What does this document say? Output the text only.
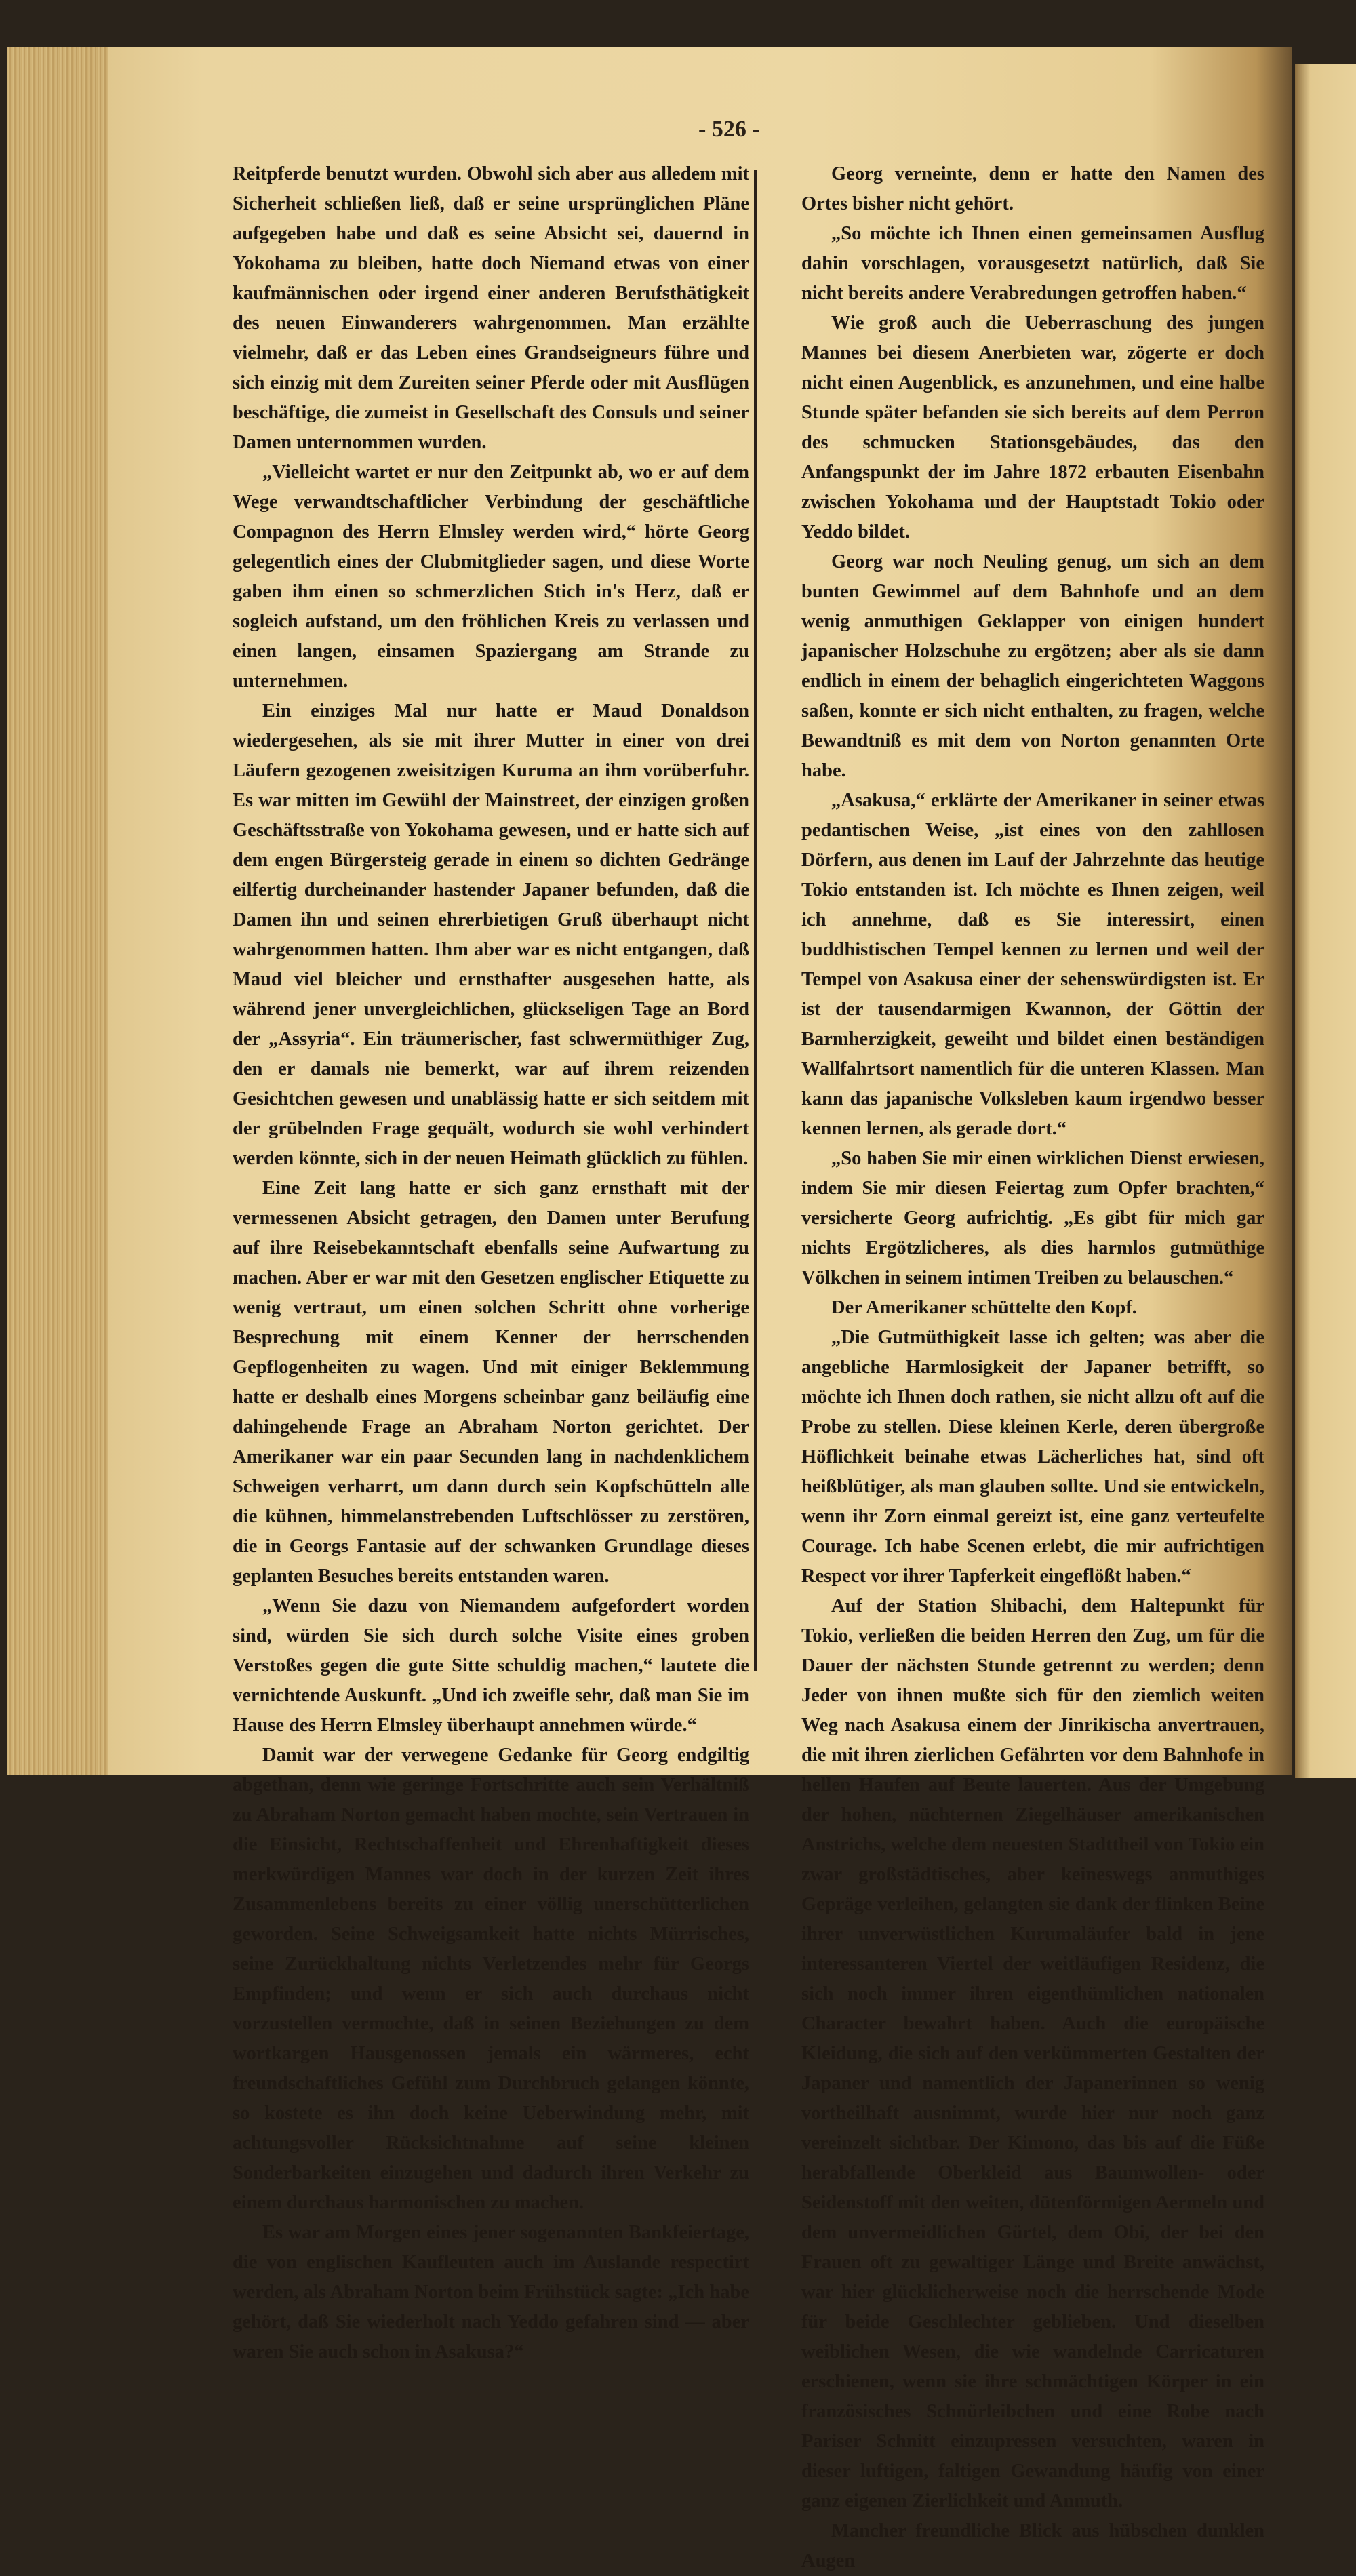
- 526 -

Reitpferde benutzt wurden. Obwohl sich aber aus alledem mit Sicherheit schließen ließ, daß er seine ursprünglichen Pläne aufgegeben habe und daß es seine Absicht sei, dauernd in Yokohama zu bleiben, hatte doch Niemand etwas von einer kaufmännischen oder irgend einer anderen Berufsthätigkeit des neuen Einwanderers wahrgenommen. Man erzählte vielmehr, daß er das Leben eines Grandseigneurs führe und sich einzig mit dem Zureiten seiner Pferde oder mit Ausflügen beschäftige, die zumeist in Gesellschaft des Consuls und seiner Damen unternommen wurden.

„Vielleicht wartet er nur den Zeitpunkt ab, wo er auf dem Wege verwandtschaftlicher Verbindung der geschäftliche Compagnon des Herrn Elmsley werden wird,“ hörte Georg gelegentlich eines der Clubmitglieder sagen, und diese Worte gaben ihm einen so schmerzlichen Stich in's Herz, daß er sogleich aufstand, um den fröhlichen Kreis zu verlassen und einen langen, einsamen Spaziergang am Strande zu unternehmen.

Ein einziges Mal nur hatte er Maud Donaldson wiedergesehen, als sie mit ihrer Mutter in einer von drei Läufern gezogenen zweisitzigen Kuruma an ihm vorüberfuhr. Es war mitten im Gewühl der Mainstreet, der einzigen großen Geschäftsstraße von Yokohama gewesen, und er hatte sich auf dem engen Bürgersteig gerade in einem so dichten Gedränge eilfertig durcheinander hastender Japaner befunden, daß die Damen ihn und seinen ehrerbietigen Gruß überhaupt nicht wahrgenommen hatten. Ihm aber war es nicht entgangen, daß Maud viel bleicher und ernsthafter ausgesehen hatte, als während jener unvergleichlichen, glückseligen Tage an Bord der „Assyria“. Ein träumerischer, fast schwermüthiger Zug, den er damals nie bemerkt, war auf ihrem reizenden Gesichtchen gewesen und unablässig hatte er sich seitdem mit der grübelnden Frage gequält, wodurch sie wohl verhindert werden könnte, sich in der neuen Heimath glücklich zu fühlen.

Eine Zeit lang hatte er sich ganz ernsthaft mit der vermessenen Absicht getragen, den Damen unter Berufung auf ihre Reisebekanntschaft ebenfalls seine Aufwartung zu machen. Aber er war mit den Gesetzen englischer Etiquette zu wenig vertraut, um einen solchen Schritt ohne vorherige Besprechung mit einem Kenner der herrschenden Gepflogenheiten zu wagen. Und mit einiger Beklemmung hatte er deshalb eines Morgens scheinbar ganz beiläufig eine dahingehende Frage an Abraham Norton gerichtet. Der Amerikaner war ein paar Secunden lang in nachdenklichem Schweigen verharrt, um dann durch sein Kopfschütteln alle die kühnen, himmelanstrebenden Luftschlösser zu zerstören, die in Georgs Fantasie auf der schwanken Grundlage dieses geplanten Besuches bereits entstanden waren.

„Wenn Sie dazu von Niemandem aufgefordert worden sind, würden Sie sich durch solche Visite eines groben Verstoßes gegen die gute Sitte schuldig machen,“ lautete die vernichtende Auskunft. „Und ich zweifle sehr, daß man Sie im Hause des Herrn Elmsley überhaupt annehmen würde.“

Damit war der verwegene Gedanke für Georg endgiltig abgethan, denn wie geringe Fortschritte auch sein Verhältniß zu Abraham Norton gemacht haben mochte, sein Vertrauen in die Einsicht, Rechtschaffenheit und Ehrenhaftigkeit dieses merkwürdigen Mannes war doch in der kurzen Zeit ihres Zusammenlebens bereits zu einer völlig unerschütterlichen geworden. Seine Schweigsamkeit hatte nichts Mürrisches, seine Zurückhaltung nichts Verletzendes mehr für Georgs Empfinden; und wenn er sich auch durchaus nicht vorzustellen vermochte, daß in seinen Beziehungen zu dem wortkargen Hausgenossen jemals ein wärmeres, echt freundschaftliches Gefühl zum Durchbruch gelangen könnte, so kostete es ihn doch keine Ueberwindung mehr, mit achtungsvoller Rücksichtnahme auf seine kleinen Sonderbarkeiten einzugehen und dadurch ihren Verkehr zu einem durchaus harmonischen zu machen.

Es war am Morgen eines jener sogenannten Bankfeiertage, die von englischen Kaufleuten auch im Auslande respectirt werden, als Abraham Norton beim Frühstück sagte: „Ich habe gehört, daß Sie wiederholt nach Yeddo gefahren sind — aber waren Sie auch schon in Asakusa?“

Georg verneinte, denn er hatte den Namen des Ortes bisher nicht gehört.

„So möchte ich Ihnen einen gemeinsamen Ausflug dahin vorschlagen, vorausgesetzt natürlich, daß Sie nicht bereits andere Verabredungen getroffen haben.“

Wie groß auch die Ueberraschung des jungen Mannes bei diesem Anerbieten war, zögerte er doch nicht einen Augenblick, es anzunehmen, und eine halbe Stunde später befanden sie sich bereits auf dem Perron des schmucken Stationsgebäudes, das den Anfangspunkt der im Jahre 1872 erbauten Eisenbahn zwischen Yokohama und der Hauptstadt Tokio oder Yeddo bildet.

Georg war noch Neuling genug, um sich an dem bunten Gewimmel auf dem Bahnhofe und an dem wenig anmuthigen Geklapper von einigen hundert japanischer Holzschuhe zu ergötzen; aber als sie dann endlich in einem der behaglich eingerichteten Waggons saßen, konnte er sich nicht enthalten, zu fragen, welche Bewandtniß es mit dem von Norton genannten Orte habe.

„Asakusa,“ erklärte der Amerikaner in seiner etwas pedantischen Weise, „ist eines von den zahllosen Dörfern, aus denen im Lauf der Jahrzehnte das heutige Tokio entstanden ist. Ich möchte es Ihnen zeigen, weil ich annehme, daß es Sie interessirt, einen buddhistischen Tempel kennen zu lernen und weil der Tempel von Asakusa einer der sehenswürdigsten ist. Er ist der tausendarmigen Kwannon, der Göttin der Barmherzigkeit, geweiht und bildet einen beständigen Wallfahrtsort namentlich für die unteren Klassen. Man kann das japanische Volksleben kaum irgendwo besser kennen lernen, als gerade dort.“

„So haben Sie mir einen wirklichen Dienst erwiesen, indem Sie mir diesen Feiertag zum Opfer brachten,“ versicherte Georg aufrichtig. „Es gibt für mich gar nichts Ergötzlicheres, als dies harmlos gutmüthige Völkchen in seinem intimen Treiben zu belauschen.“

Der Amerikaner schüttelte den Kopf.

„Die Gutmüthigkeit lasse ich gelten; was aber die angebliche Harmlosigkeit der Japaner betrifft, so möchte ich Ihnen doch rathen, sie nicht allzu oft auf die Probe zu stellen. Diese kleinen Kerle, deren übergroße Höflichkeit beinahe etwas Lächerliches hat, sind oft heißblütiger, als man glauben sollte. Und sie entwickeln, wenn ihr Zorn einmal gereizt ist, eine ganz verteufelte Courage. Ich habe Scenen erlebt, die mir aufrichtigen Respect vor ihrer Tapferkeit eingeflößt haben.“

Auf der Station Shibachi, dem Haltepunkt für Tokio, verließen die beiden Herren den Zug, um für die Dauer der nächsten Stunde getrennt zu werden; denn Jeder von ihnen mußte sich für den ziemlich weiten Weg nach Asakusa einem der Jinrikischa anvertrauen, die mit ihren zierlichen Gefährten vor dem Bahnhofe in hellen Haufen auf Beute lauerten. Aus der Umgebung der hohen, nüchternen Ziegelhäuser amerikanischen Anstrichs, welche dem neuesten Stadttheil von Tokio ein zwar großstädtisches, aber keineswegs anmuthiges Gepräge verleihen, gelangten sie dank der flinken Beine ihrer unverwüstlichen Kurumaläufer bald in jene interessanteren Viertel der weitläufigen Residenz, die sich noch immer ihren eigenthümlichen nationalen Character bewahrt haben. Auch die europäische Kleidung, die sich auf den verkümmerten Gestalten der Japaner und namentlich der Japanerinnen so wenig vortheilhaft ausnimmt, wurde hier nur noch ganz vereinzelt sichtbar. Der Kimono, das bis auf die Füße herabfallende Oberkleid aus Baumwollen- oder Seidenstoff mit den weiten, dütenförmigen Aermeln und dem unvermeidlichen Gürtel, dem Obi, der bei den Frauen oft zu gewaltiger Länge und Breite anwächst, war hier glücklicherweise noch die herrschende Mode für beide Geschlechter geblieben. Und dieselben weiblichen Wesen, die wie wandelnde Carricaturen erschienen, wenn sie ihre schmächtigen Körper in ein französisches Schnürleibchen und eine Robe nach Pariser Schnitt einzupressen versuchten, waren in dieser luftigen, faltigen Gewandung häufig von einer ganz eigenen Zierlichkeit und Anmuth.

Mancher freundliche Blick aus hübschen dunklen Augen
